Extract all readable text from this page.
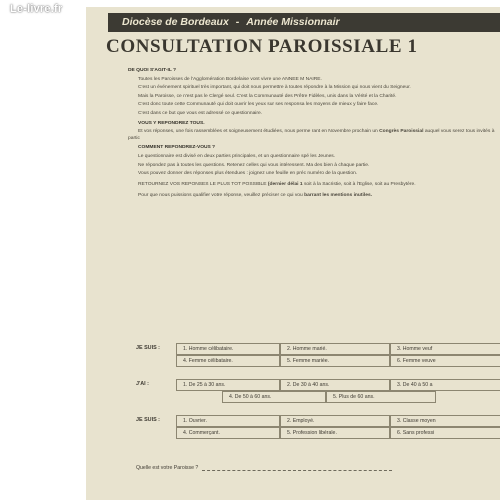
Le-livre.fr
Diocèse de Bordeaux - Année Missionnair
CONSULTATION PAROISSIALE 1
DE QUOI S'AGIT-IL ?
Toutes les Paroisses de l'Agglomération Bordelaise vont vivre une ANNEE M NAIRE.
C'est un événement spirituel très important, qui doit nous permettre à toutes répondre à la Mission qui nous vient du Seigneur.
Mais la Paroisse, ce n'est pas le Clergé seul. C'est la Communauté des Prêtre Fidèles, unis dans la Vérité et la Charité.
C'est donc toute cette Communauté qui doit ouvrir les yeux sur ses responsa les moyens de mieux y faire face.
C'est dans ce but que vous est adressé ce questionnaire.
VOUS Y REPONDREZ TOUS.
Et vos réponses, une fois rassemblées et soigneusement étudiées, nous perme rant en Novembre prochain un Congrès Paroissial auquel vous serez tous invités à partic
COMMENT REPONDREZ-VOUS ?
Le questionnaire est divisé en deux parties principales, et un questionnaire spé les Jeunes.
Ne répondez pas à toutes les questions. Retenez celles qui vous intéressent. Ma des bien à chaque partie.
Vous pouvez donner des réponses plus étendues : joignez une feuille en préc numéro de la question.
RETOURNEZ VOS REPONSES LE PLUS TOT POSSIBLE (dernier délai 1 soit à la Sacristie, soit à l'Eglise, soit au Presbytère.
Pour que nous puissions qualifier votre réponse, veuillez préciser ce qui vou barrant les mentions inutiles.
JE SUIS :	1. Homme célibataire.	2. Homme marié.	3. Homme veuf
4. Femme célibataire.	5. Femme mariée.	6. Femme veuve
J'AI :	1. De 25 à 30 ans.	2. De 30 à 40 ans.	3. De 40 à 50 a
4. De 50 à 60 ans.	5. Plus de 60 ans.
JE SUIS :	1. Ouvrier.	2. Employé.	3. Classe moyen
4. Commerçant.	5. Profession libérale.	6. Sans professi
Quelle est votre Paroisse ?
